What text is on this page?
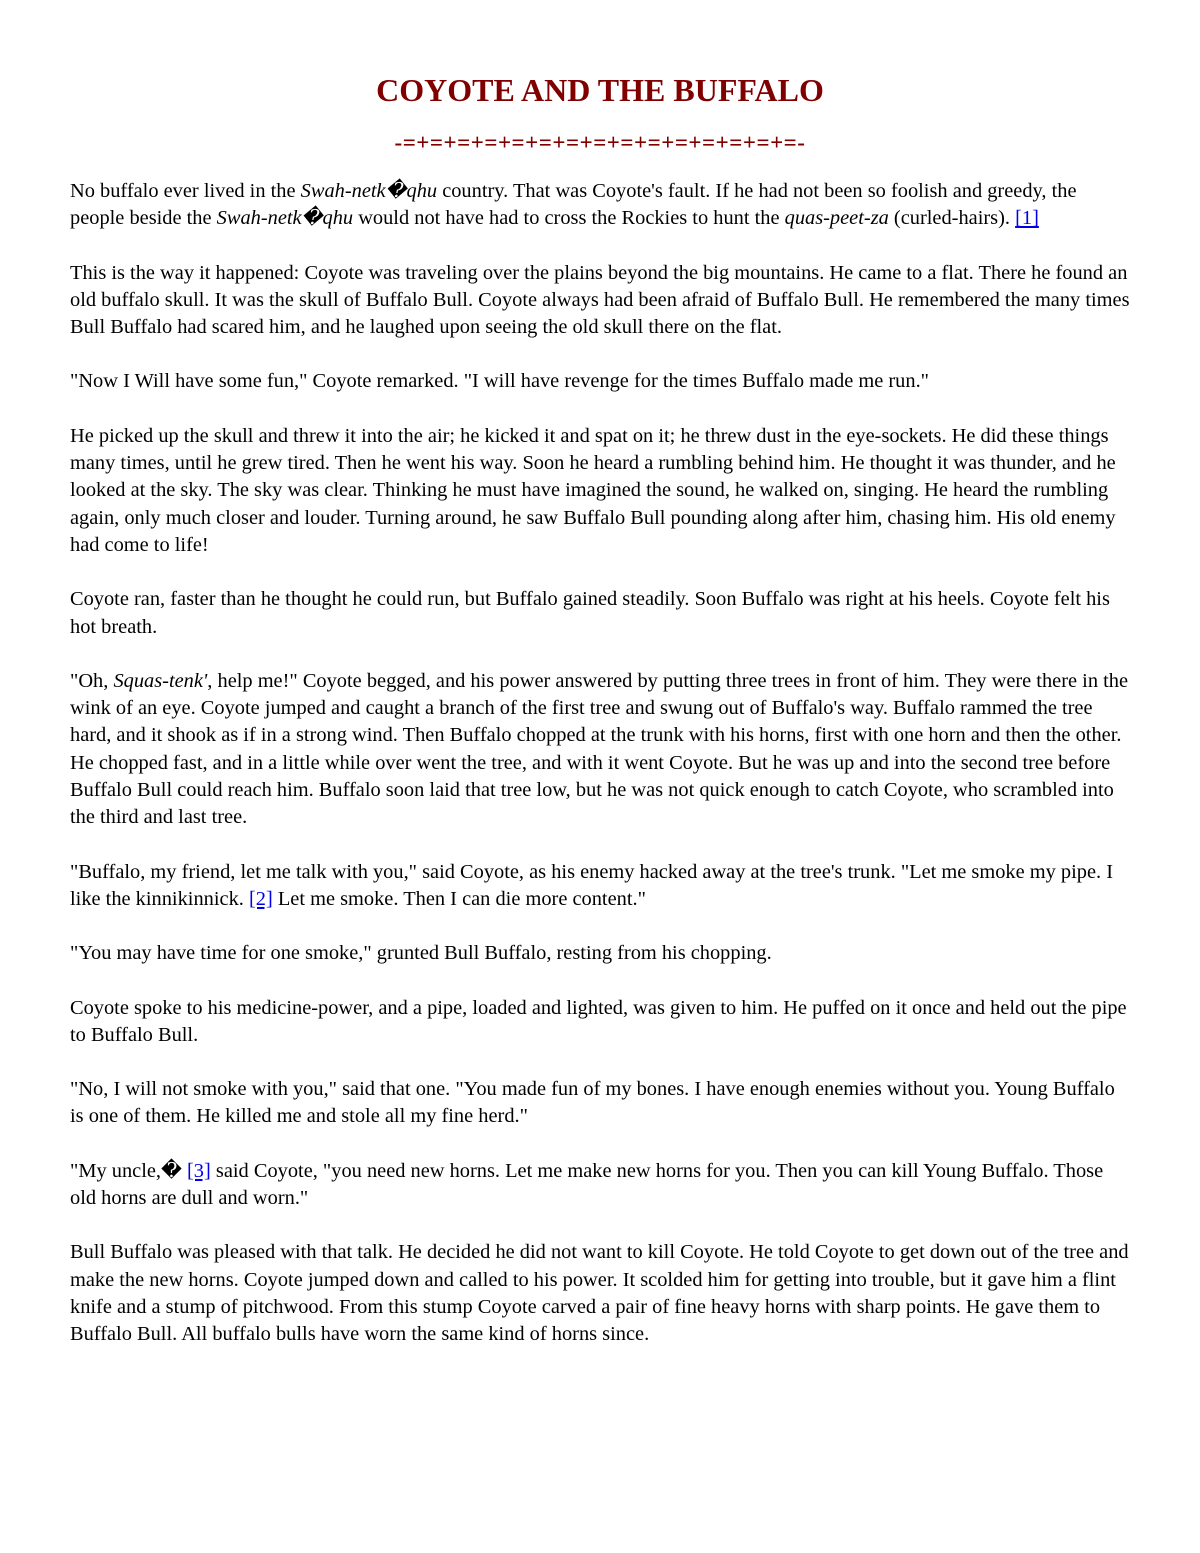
COYOTE AND THE BUFFALO
-=+=+=+=+=+=+=+=+=+=+=+=+=+=+=-

No buffalo ever lived in the Swah-netk�qhu country. That was Coyote's fault. If he had not been so foolish and greedy, the people beside the Swah-netk�qhu would not have had to cross the Rockies to hunt the quas-peet-za (curled-hairs). [1]

This is the way it happened: Coyote was traveling over the plains beyond the big mountains. He came to a flat. There he found an old buffalo skull. It was the skull of Buffalo Bull. Coyote always had been afraid of Buffalo Bull. He remembered the many times Bull Buffalo had scared him, and he laughed upon seeing the old skull there on the flat.

"Now I Will have some fun," Coyote remarked. "I will have revenge for the times Buffalo made me run."

He picked up the skull and threw it into the air; he kicked it and spat on it; he threw dust in the eye-sockets. He did these things many times, until he grew tired. Then he went his way. Soon he heard a rumbling behind him. He thought it was thunder, and he looked at the sky. The sky was clear. Thinking he must have imagined the sound, he walked on, singing. He heard the rumbling again, only much closer and louder. Turning around, he saw Buffalo Bull pounding along after him, chasing him. His old enemy had come to life!

Coyote ran, faster than he thought he could run, but Buffalo gained steadily. Soon Buffalo was right at his heels. Coyote felt his hot breath.

"Oh, Squas-tenk', help me!" Coyote begged, and his power answered by putting three trees in front of him. They were there in the wink of an eye. Coyote jumped and caught a branch of the first tree and swung out of Buffalo's way. Buffalo rammed the tree hard, and it shook as if in a strong wind. Then Buffalo chopped at the trunk with his horns, first with one horn and then the other. He chopped fast, and in a little while over went the tree, and with it went Coyote. But he was up and into the second tree before Buffalo Bull could reach him. Buffalo soon laid that tree low, but he was not quick enough to catch Coyote, who scrambled into the third and last tree.

"Buffalo, my friend, let me talk with you," said Coyote, as his enemy hacked away at the tree's trunk. "Let me smoke my pipe. I like the kinnikinnick. [2] Let me smoke. Then I can die more content."

"You may have time for one smoke," grunted Bull Buffalo, resting from his chopping.

Coyote spoke to his medicine-power, and a pipe, loaded and lighted, was given to him. He puffed on it once and held out the pipe to Buffalo Bull.

"No, I will not smoke with you," said that one. "You made fun of my bones. I have enough enemies without you. Young Buffalo is one of them. He killed me and stole all my fine herd."

"My uncle,� [3] said Coyote, "you need new horns. Let me make new horns for you. Then you can kill Young Buffalo. Those old horns are dull and worn."

Bull Buffalo was pleased with that talk. He decided he did not want to kill Coyote. He told Coyote to get down out of the tree and make the new horns. Coyote jumped down and called to his power. It scolded him for getting into trouble, but it gave him a flint knife and a stump of pitchwood. From this stump Coyote carved a pair of fine heavy horns with sharp points. He gave them to Buffalo Bull. All buffalo bulls have worn the same kind of horns since.
